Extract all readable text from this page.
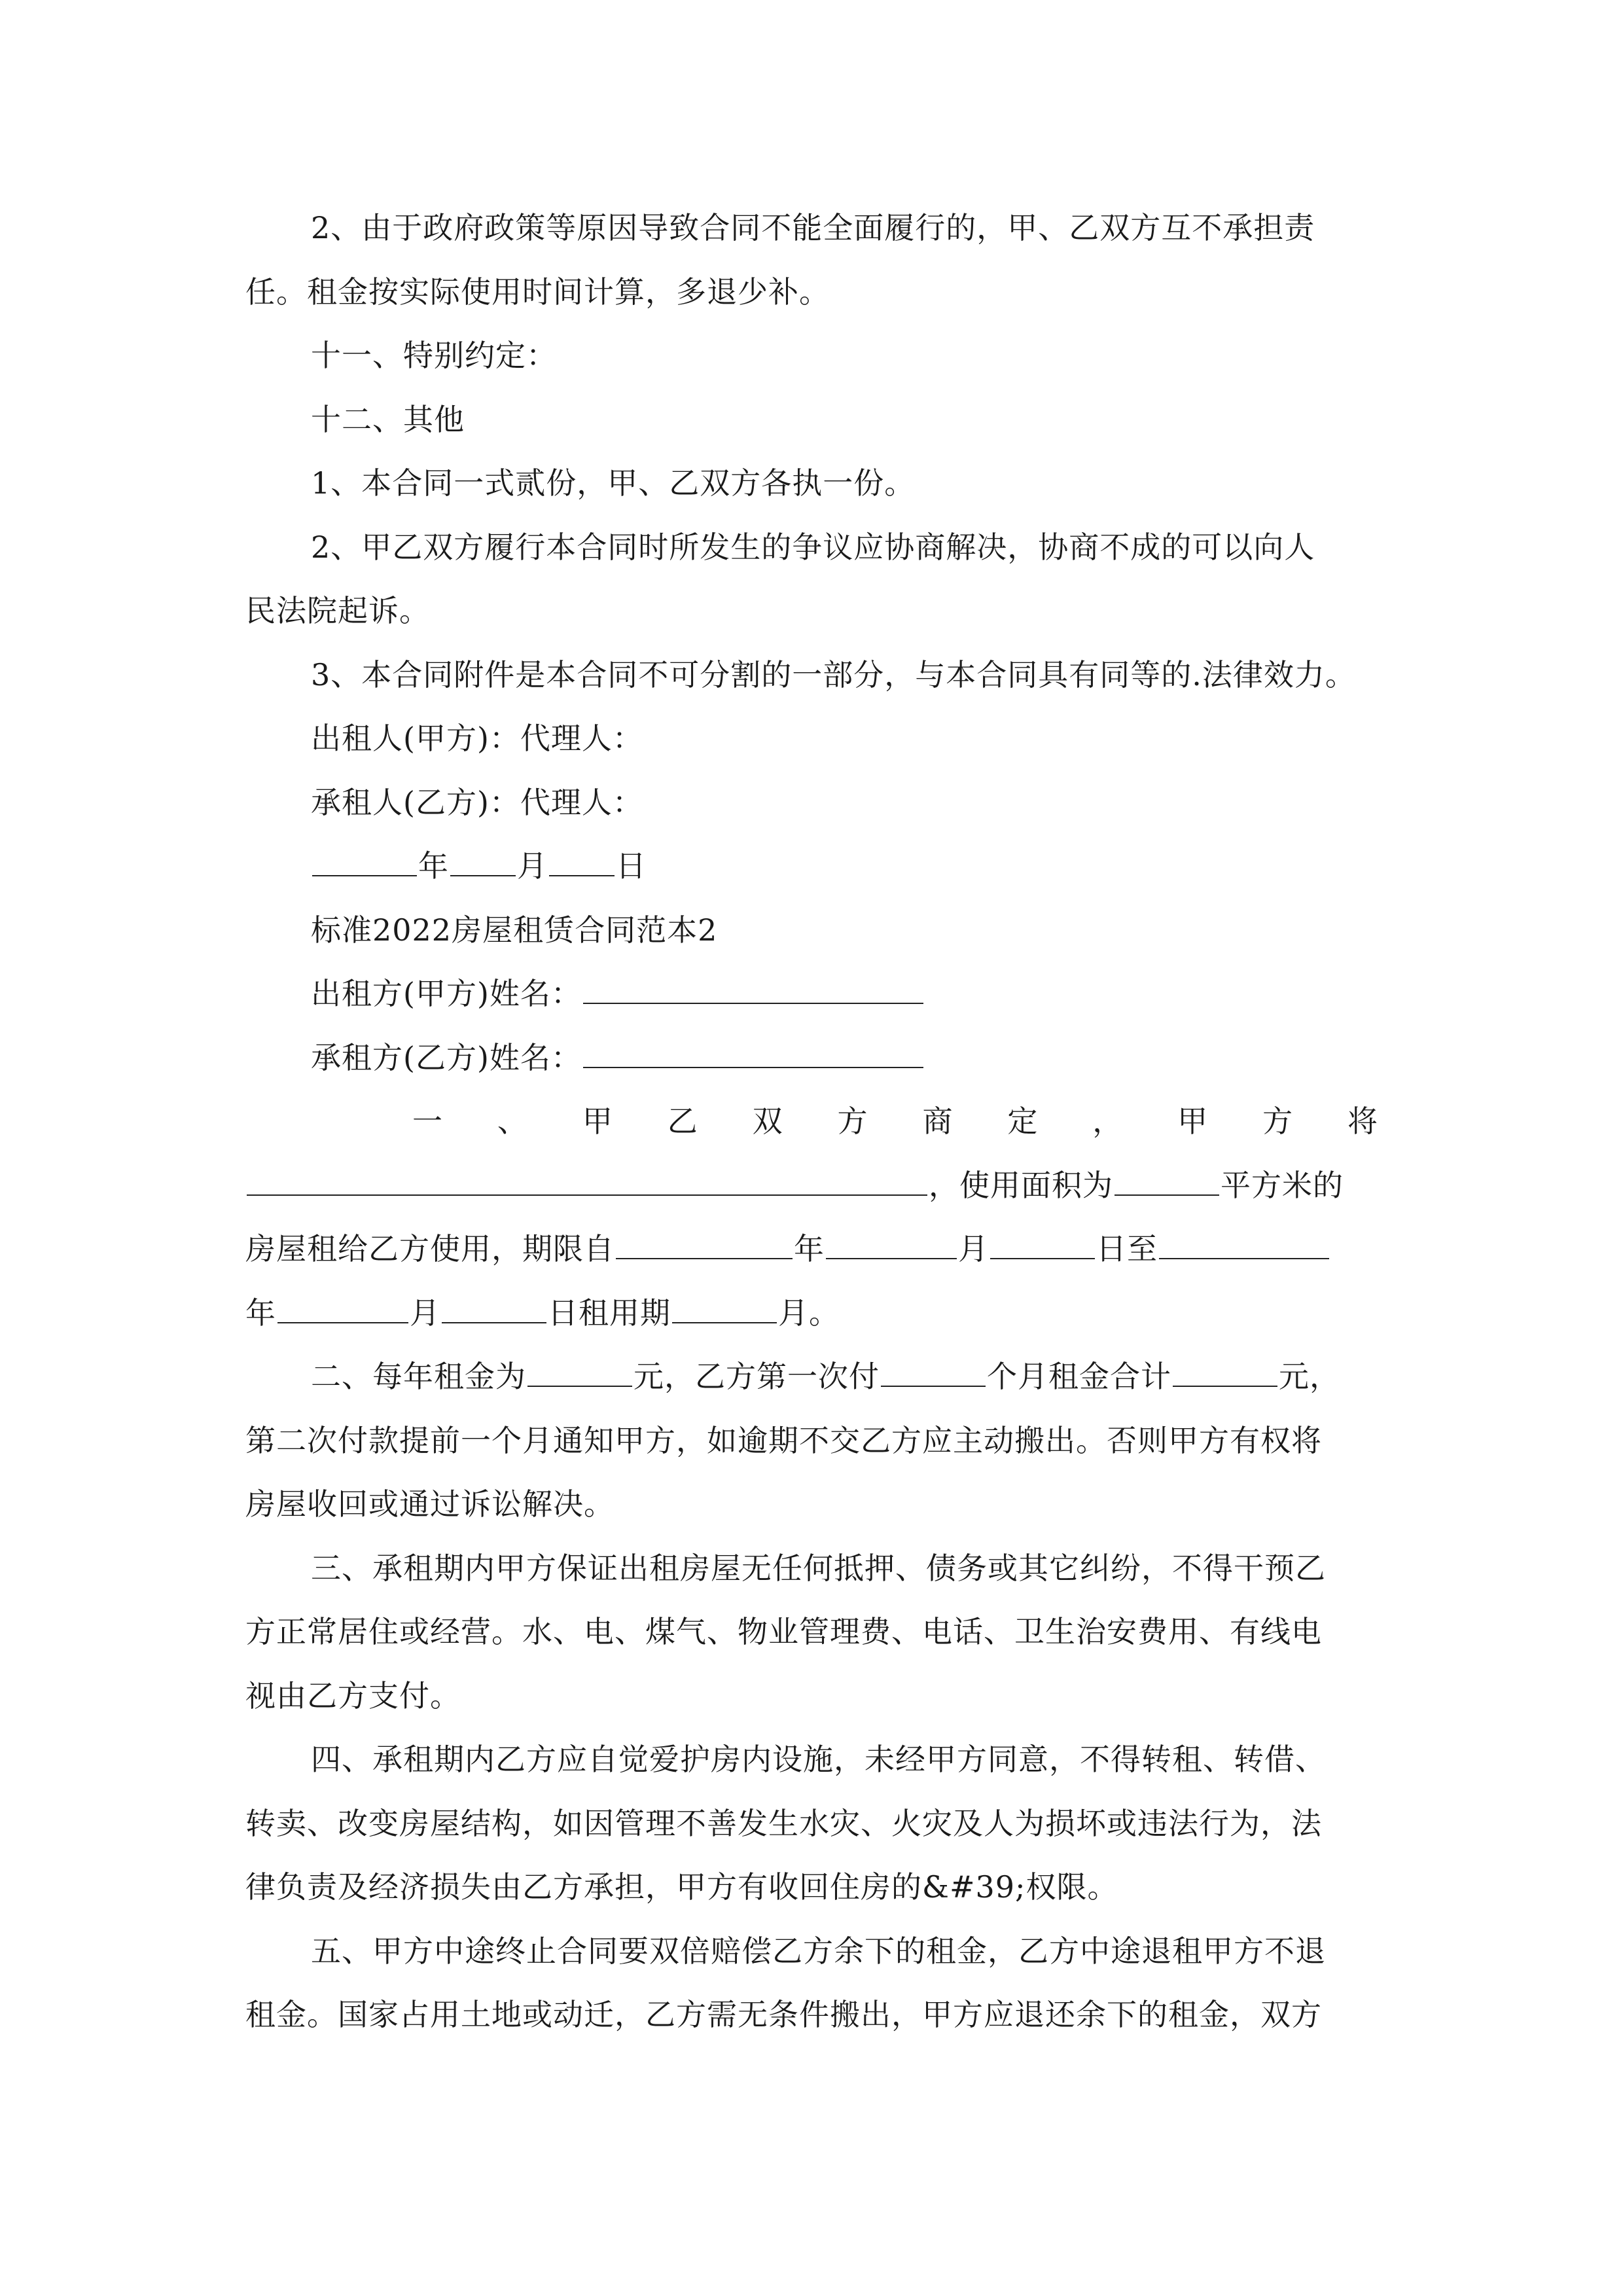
2、由于政府政策等原因导致合同不能全面履行的，甲、乙双方互不承担责
任。租金按实际使用时间计算，多退少补。
十一、特别约定：
十二、其他
1、本合同一式贰份，甲、乙双方各执一份。
2、甲乙双方履行本合同时所发生的争议应协商解决，协商不成的可以向人
民法院起诉。
3、本合同附件是本合同不可分割的一部分，与本合同具有同等的.法律效力。
出租人(甲方)：代理人：
承租人(乙方)：代理人：
年 月 日
标准2022房屋租赁合同范本2
出租方(甲方)姓名：
承租方(乙方)姓名：
一 、 甲 乙 双 方 商 定 ， 甲 方 将
，使用面积为	平方米的
房屋租给乙方使用，期限自	年	月	日至
年	月	日租用期	月。
二、每年租金为	元，乙方第一次付	个月租金合计	元，
第二次付款提前一个月通知甲方，如逾期不交乙方应主动搬出。否则甲方有权将
房屋收回或通过诉讼解决。
三、承租期内甲方保证出租房屋无任何抵押、债务或其它纠纷，不得干预乙
方正常居住或经营。水、电、煤气、物业管理费、电话、卫生治安费用、有线电
视由乙方支付。
四、承租期内乙方应自觉爱护房内设施，未经甲方同意，不得转租、转借、
转卖、改变房屋结构，如因管理不善发生水灾、火灾及人为损坏或违法行为，法
律负责及经济损失由乙方承担，甲方有收回住房的&#39;权限。
五、甲方中途终止合同要双倍赔偿乙方余下的租金，乙方中途退租甲方不退
租金。国家占用土地或动迁，乙方需无条件搬出，甲方应退还余下的租金，双方
